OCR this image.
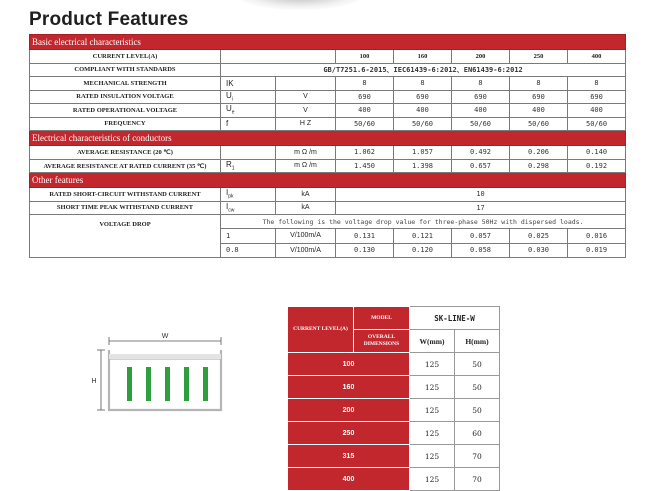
Product Features
Basic electrical characteristics							
CURRENT LEVEL(A)			100	160	200	250	400
COMPLIANT WITH STANDARDS	GB/T7251.6-2015、IEC61439-6:2012、EN61439-6:2012						
MECHANICAL STRENGTH	IK		8	8	8	8	8
RATED INSULATION VOLTAGE	$U_i$	V	690	690	690	690	690
RATED OPERATIONAL VOLTAGE	$U_e$	V	400	400	400	400	400
FREQUENCY	f	H Z	50/60	50/60	50/60	50/60	50/60
Electrical characteristics of conductors							
AVERAGE RESISTANCE (20 ℃)		m Ω /m	1.062	1.057	0.492	0.206	0.140
AVERAGE RESISTANCE AT RATED CURRENT (35 ℃)	$R_1$	m Ω /m	1.450	1.398	0.657	0.298	0.192
Other features							
RATED SHORT-CIRCUIT WITHSTAND CURRENT	$I_{pk}$	kA	10				
SHORT TIME PEAK WITHSTAND CURRENT	$I_{cw}$	kA	17				
VOLTAGE DROP	The following is the voltage drop value for three-phase 50Hz with dispersed loads.						
	1	V/100m/A	0.131	0.121	0.057	0.025	0.016
	0.8	V/100m/A	0.130	0.120	0.058	0.030	0.019
W
H
CURRENT LEVEL(A)	MODEL	SK-LINE-W	
	OVERALL DIMENSIONS	W(mm)	H(mm)
100		125	50
160		125	50
200		125	50
250		125	60
315		125	70
400		125	70
